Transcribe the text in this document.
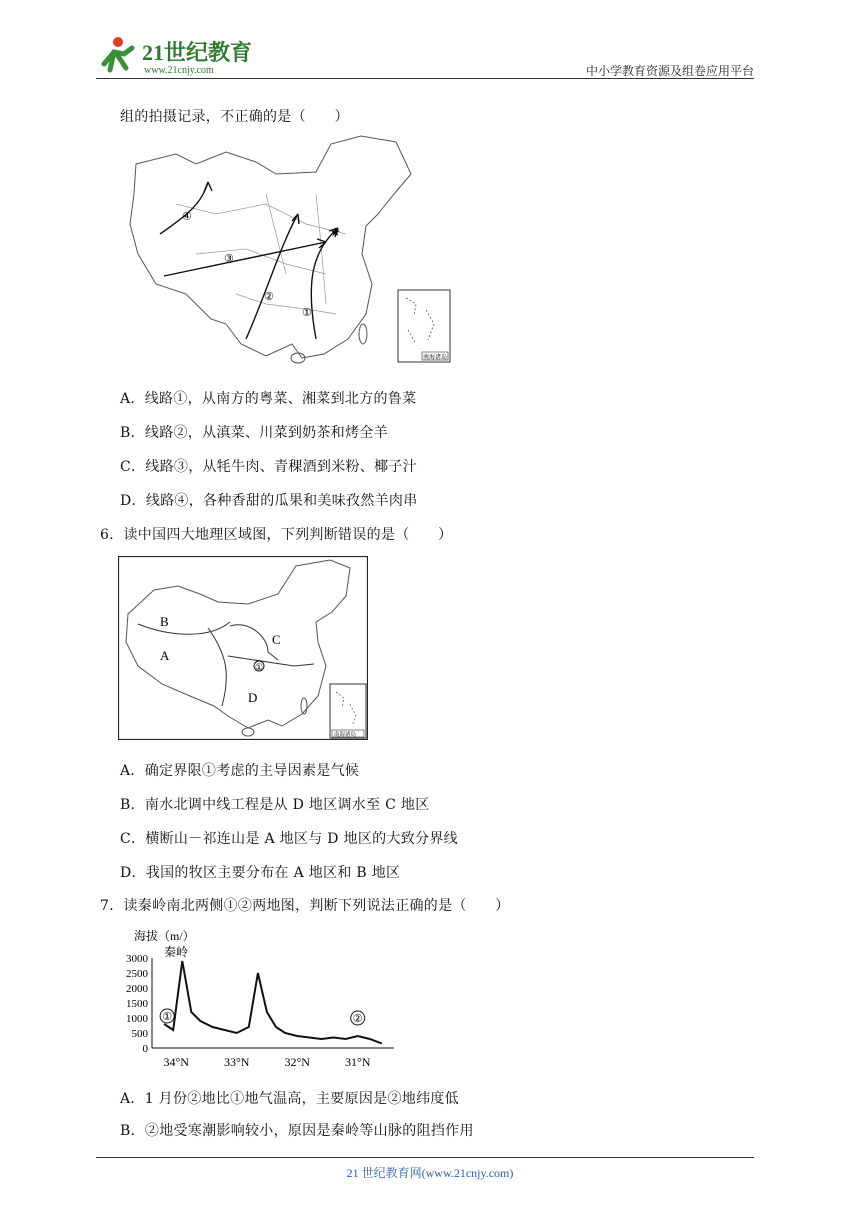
21世纪教育
www.21cnjy.com	中小学教育资源及组卷应用平台
组的拍摄记录，不正确的是（　　）
★
④
③
②
①
南海诸岛
A．线路①，从南方的粤菜、湘菜到北方的鲁菜
B．线路②，从滇菜、川菜到奶茶和烤全羊
C．线路③，从牦牛肉、青稞酒到米粉、椰子汁
D．线路④，各种香甜的瓜果和美味孜然羊肉串
6．读中国四大地理区域图，下列判断错误的是（　　）
①
B
A
C
D
南海诸岛
A．确定界限①考虑的主导因素是气候
B．南水北调中线工程是从 D 地区调水至 C 地区
C．横断山－祁连山是 A 地区与 D 地区的大致分界线
D．我国的牧区主要分布在 A 地区和 B 地区
7．读秦岭南北两侧①②两地图，判断下列说法正确的是（　　）
海拔（m/）
秦岭
0
500
1000
1500
2000
2500
3000
34°N	33°N	32°N	31°N
①	②
A．1 月份②地比①地气温高，主要原因是②地纬度低
B．②地受寒潮影响较小，原因是秦岭等山脉的阻挡作用
21 世纪教育网(www.21cnjy.com)
